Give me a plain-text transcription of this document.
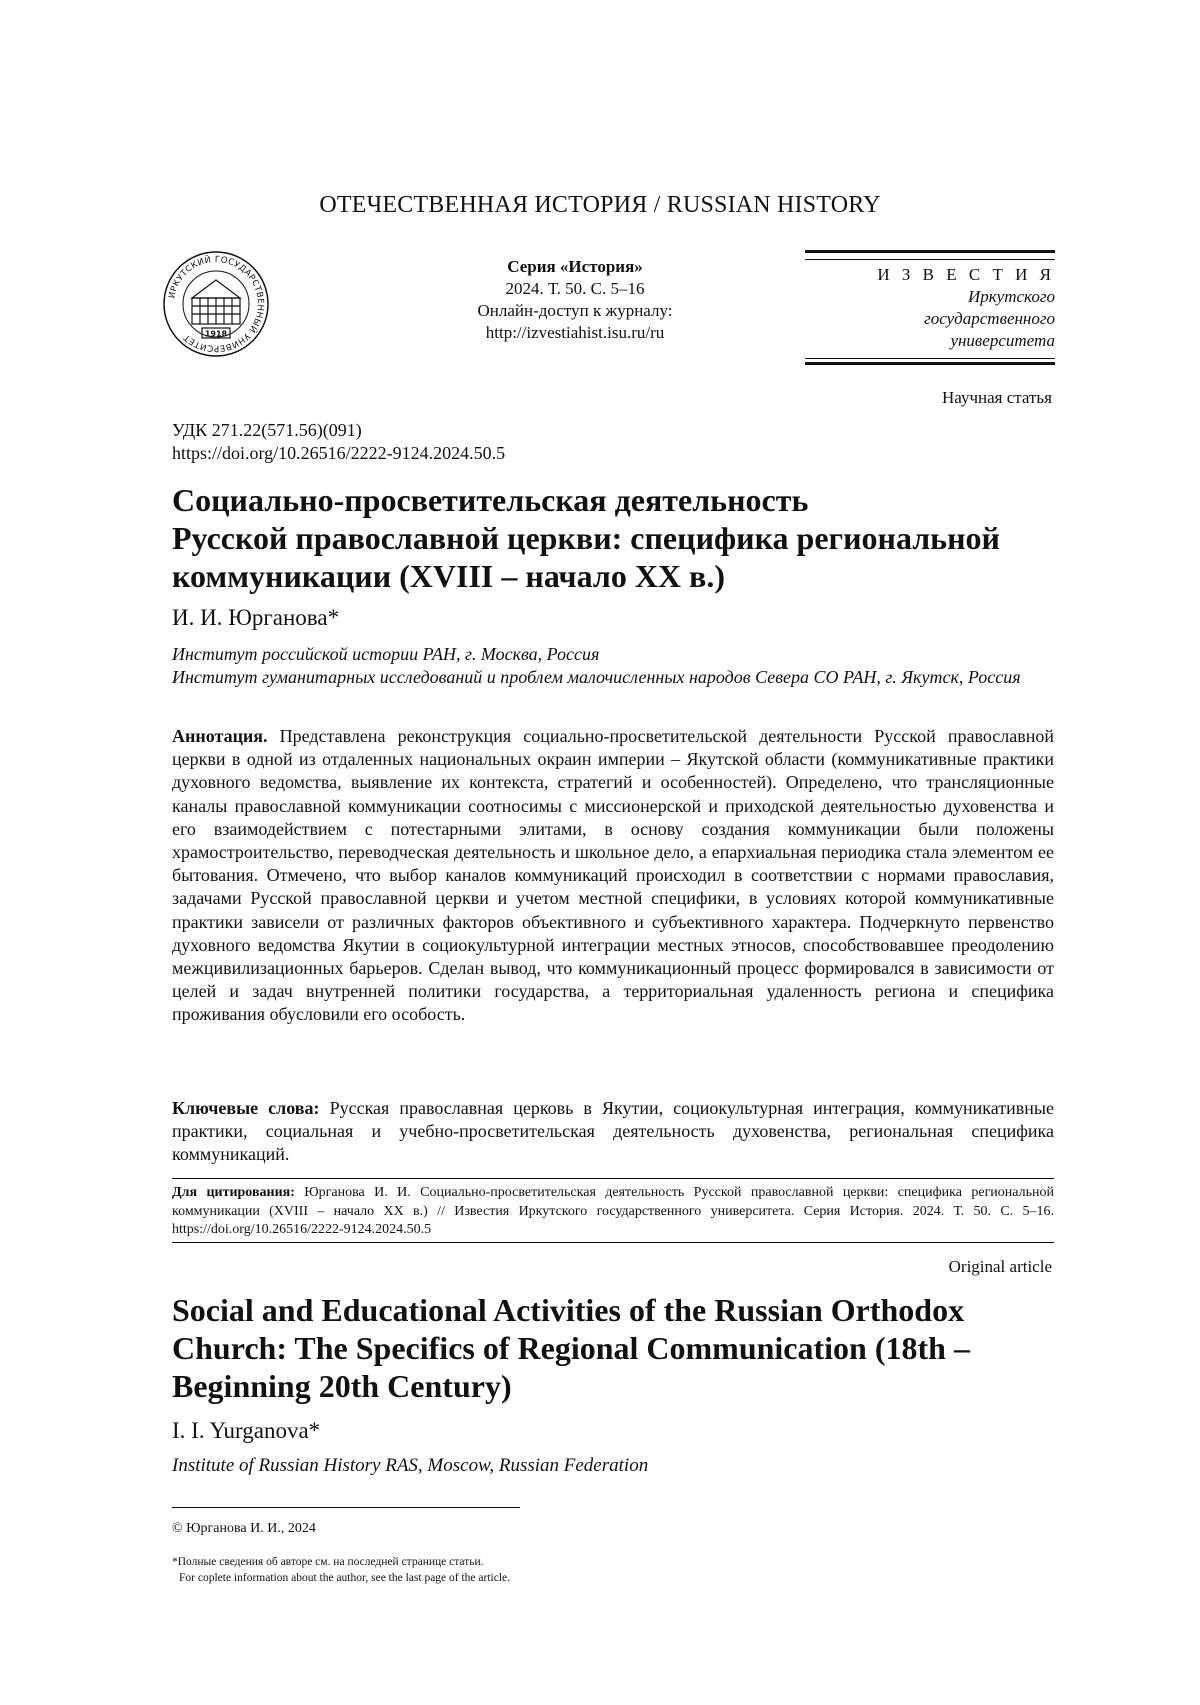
ОТЕЧЕСТВЕННАЯ ИСТОРИЯ / RUSSIAN HISTORY
ИРКУТСКИЙ ГОСУДАРСТВЕННЫЙ УНИВЕРСИТЕТ	1918
Серия «История»
2024. Т. 50. С. 5–16
Онлайн-доступ к журналу:
http://izvestiahist.isu.ru/ru
И З В Е С Т И Я
Иркутского
государственного
университета
Научная статья
УДК 271.22(571.56)(091)
https://doi.org/10.26516/2222-9124.2024.50.5
Социально-просветительская деятельность
Русской православной церкви: специфика региональной
коммуникации (XVIII – начало XX в.)
И. И. Юрганова*
Институт российской истории РАН, г. Москва, Россия
Институт гуманитарных исследований и проблем малочисленных народов Севера СО РАН, г. Якутск, Россия
Аннотация. Представлена реконструкция социально-просветительской деятельности Русской православной церкви в одной из отдаленных национальных окраин империи – Якутской области (коммуникативные практики духовного ведомства, выявление их контекста, стратегий и особенностей). Определено, что трансляционные каналы православной коммуникации соотносимы с миссионерской и приходской деятельностью духовенства и его взаимодействием с потестарными элитами, в основу создания коммуникации были положены храмостроительство, переводческая деятельность и школьное дело, а епархиальная периодика стала элементом ее бытования. Отмечено, что выбор каналов коммуникаций происходил в соответствии с нормами православия, задачами Русской православной церкви и учетом местной специфики, в условиях которой коммуникативные практики зависели от различных факторов объективного и субъективного характера. Подчеркнуто первенство духовного ведомства Якутии в социокультурной интеграции местных этносов, способствовавшее преодолению межцивилизационных барьеров. Сделан вывод, что коммуникационный процесс формировался в зависимости от целей и задач внутренней политики государства, а территориальная удаленность региона и специфика проживания обусловили его особость.
Ключевые слова: Русская православная церковь в Якутии, социокультурная интеграция, коммуникативные практики, социальная и учебно-просветительская деятельность духовенства, региональная специфика коммуникаций.
Для цитирования: Юрганова И. И. Социально-просветительская деятельность Русской православной церкви: специфика региональной коммуникации (XVIII – начало XX в.) // Известия Иркутского государственного университета. Серия История. 2024. Т. 50. С. 5–16. https://doi.org/10.26516/2222-9124.2024.50.5
Original article
Social and Educational Activities of the Russian Orthodox
Church: The Specifics of Regional Communication (18th –
Beginning 20th Century)
I. I. Yurganova*
Institute of Russian History RAS, Moscow, Russian Federation
© Юрганова И. И., 2024
*Полные сведения об авторе см. на последней странице статьи.
For coplete information about the author, see the last page of the article.
